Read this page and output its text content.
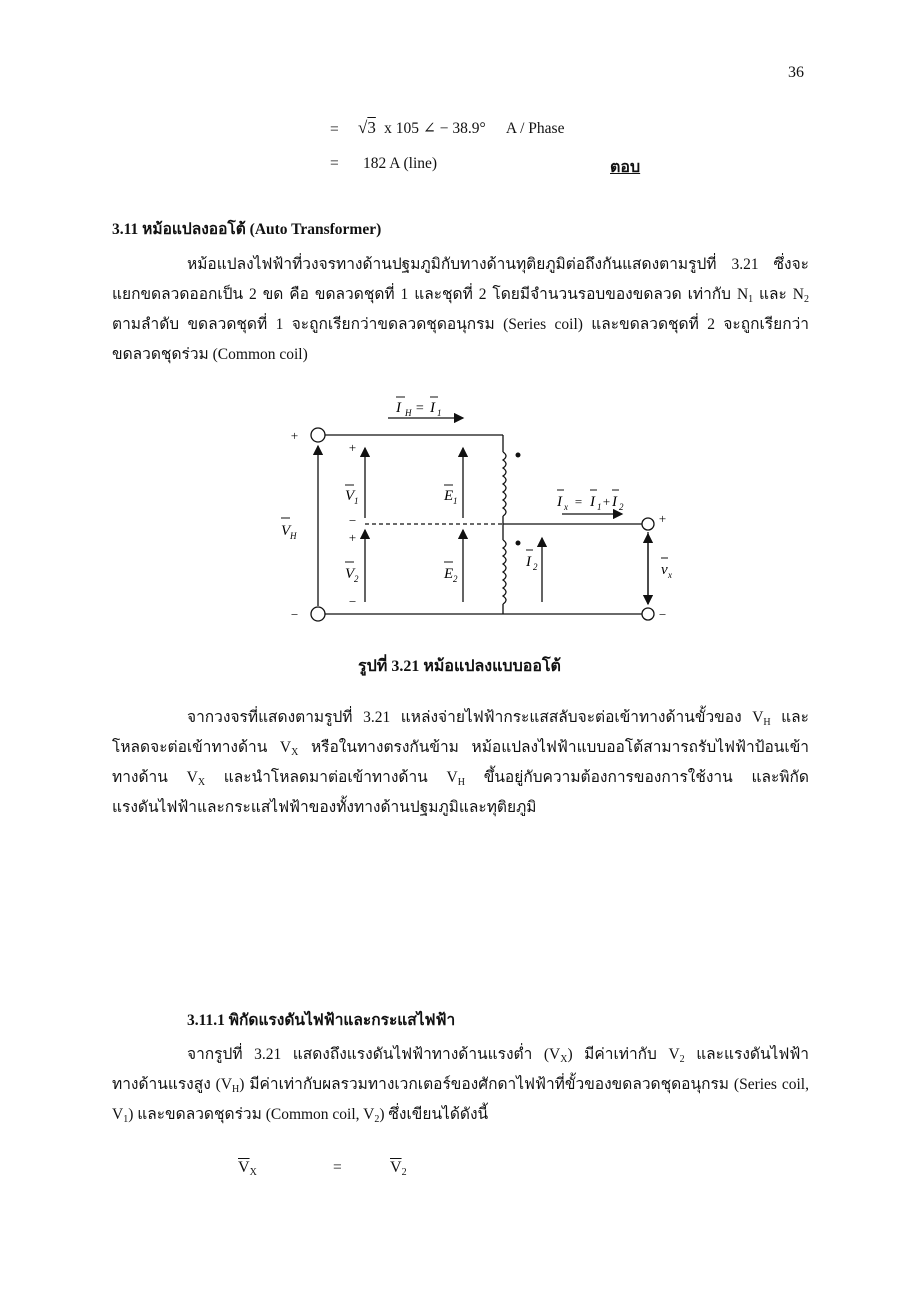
36
= √3 x 105 ∠ − 38.9° A / Phase
= 182 A (line)	ตอบ
3.11 หม้อแปลงออโต้ (Auto Transformer)
หม้อแปลงไฟฟ้าที่วงจรทางด้านปฐมภูมิกับทางด้านทุติยภูมิต่อถึงกันแสดงตามรูปที่ 3.21 ซึ่งจะ
แยกขดลวดออกเป็น 2 ขด คือ ขดลวดชุดที่ 1 และชุดที่ 2 โดยมีจำนวนรอบของขดลวด เท่ากับ $N_1$ และ $N_2$
ตามลำดับ ขดลวดชุดที่ 1 จะถูกเรียกว่าขดลวดชุดอนุกรม (Series coil) และขดลวดชุดที่ 2 จะถูกเรียกว่า
ขดลวดชุดร่วม (Common coil)
I H = I 1
+
+
V 1
−
E 1
V H	+
V 2
−
E 2
I 2
I x = I 1 + I 2
+
v x
−	−
รูปที่ 3.21 หม้อแปลงแบบออโต้
จากวงจรที่แสดงตามรูปที่ 3.21 แหล่งจ่ายไฟฟ้ากระแสสลับจะต่อเข้าทางด้านขั้วของ $V_H$ และ
โหลดจะต่อเข้าทางด้าน $V_X$ หรือในทางตรงกันข้าม หม้อแปลงไฟฟ้าแบบออโต้สามารถรับไฟฟ้าป้อนเข้า
ทางด้าน $V_X$ และนำโหลดมาต่อเข้าทางด้าน $V_H$ ขึ้นอยู่กับความต้องการของการใช้งาน และพิกัด
แรงดันไฟฟ้าและกระแสไฟฟ้าของทั้งทางด้านปฐมภูมิและทุติยภูมิ
3.11.1 พิกัดแรงดันไฟฟ้าและกระแสไฟฟ้า
จากรูปที่ 3.21 แสดงถึงแรงดันไฟฟ้าทางด้านแรงต่ำ $(V_X)$ มีค่าเท่ากับ $V_2$ และแรงดันไฟฟ้า
ทางด้านแรงสูง $(V_H)$ มีค่าเท่ากับผลรวมทางเวกเตอร์ของศักดาไฟฟ้าที่ขั้วของขดลวดชุดอนุกรม (Series coil,
$V_1$) และขดลวดชุดร่วม (Common coil, $V_2$) ซึ่งเขียนได้ดังนี้
$\overline{V}_X$	=	$\overline{V}_2$
